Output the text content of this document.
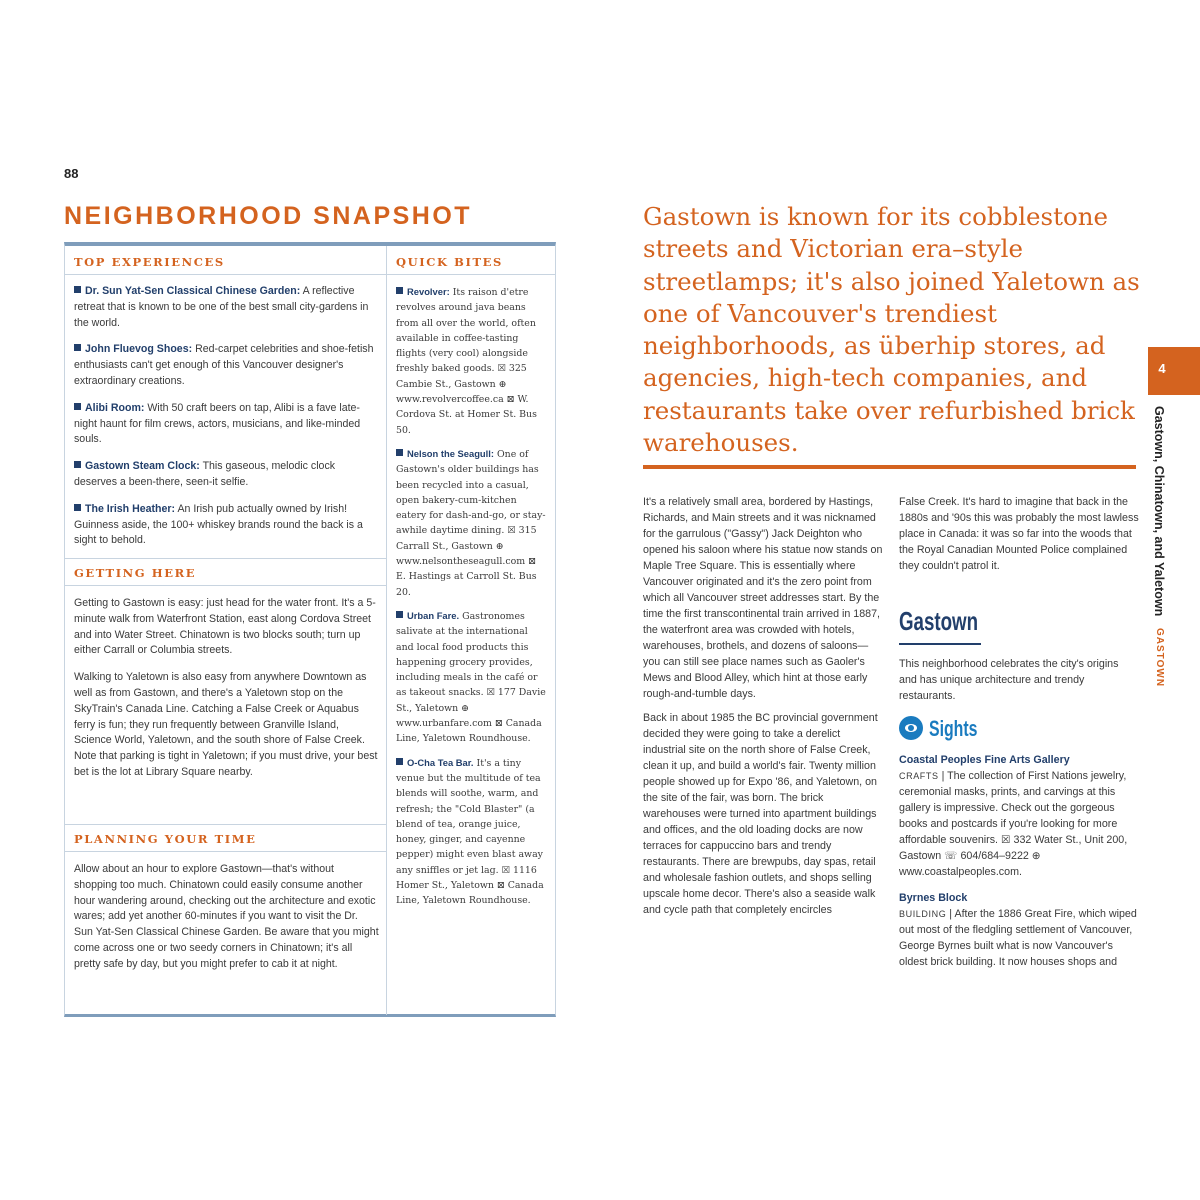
88
NEIGHBORHOOD SNAPSHOT
TOP EXPERIENCES

Dr. Sun Yat-Sen Classical Chinese Garden: A reflective retreat that is known to be one of the best small city-gardens in the world.

John Fluevog Shoes: Red-carpet celebrities and shoe-fetish enthusiasts can't get enough of this Vancouver designer's extraordinary creations.

Alibi Room: With 50 craft beers on tap, Alibi is a fave late-night haunt for film crews, actors, musicians, and like-minded souls.

Gastown Steam Clock: This gaseous, melodic clock deserves a been-there, seen-it selfie.

The Irish Heather: An Irish pub actually owned by Irish! Guinness aside, the 100+ whiskey brands round the back is a sight to behold.

GETTING HERE

Getting to Gastown is easy: just head for the water front. It's a 5-minute walk from Waterfront Station, east along Cordova Street and into Water Street. Chinatown is two blocks south; turn up either Carrall or Columbia streets.

Walking to Yaletown is also easy from anywhere Downtown as well as from Gastown, and there's a Yaletown stop on the SkyTrain's Canada Line. Catching a False Creek or Aquabus ferry is fun; they run frequently between Granville Island, Science World, Yaletown, and the south shore of False Creek. Note that parking is tight in Yaletown; if you must drive, your best bet is the lot at Library Square nearby.

PLANNING YOUR TIME

Allow about an hour to explore Gastown—that's without shopping too much. Chinatown could easily consume another hour wandering around, checking out the architecture and exotic wares; add yet another 60-minutes if you want to visit the Dr. Sun Yat-Sen Classical Chinese Garden. Be aware that you might come across one or two seedy corners in Chinatown; it's all pretty safe by day, but you might prefer to cab it at night.

QUICK BITES

Revolver: Its raison d'etre revolves around java beans from all over the world, often available in coffee-tasting flights (very cool) alongside freshly baked goods. ☒ 325 Cambie St., Gastown ⊕ www.revolvercoffee.ca ⊠ W. Cordova St. at Homer St. Bus 50.

Nelson the Seagull: One of Gastown's older buildings has been recycled into a casual, open bakery-cum-kitchen eatery for dash-and-go, or stay-awhile daytime dining. ☒ 315 Carrall St., Gastown ⊕ www.nelsontheseagull.com ⊠ E. Hastings at Carroll St. Bus 20.

Urban Fare. Gastronomes salivate at the international and local food products this happening grocery provides, including meals in the café or as takeout snacks. ☒ 177 Davie St., Yaletown ⊕ www.urbanfare.com ⊠ Canada Line, Yaletown Roundhouse.

O-Cha Tea Bar. It's a tiny venue but the multitude of tea blends will soothe, warm, and refresh; the "Cold Blaster" (a blend of tea, orange juice, honey, ginger, and cayenne pepper) might even blast away any sniffles or jet lag. ☒ 1116 Homer St., Yaletown ⊠ Canada Line, Yaletown Roundhouse.

Gastown is known for its cobblestone streets and Victorian era–style streetlamps; it's also joined Yaletown as one of Vancouver's trendiest neighborhoods, as überhip stores, ad agencies, high-tech companies, and restaurants take over refurbished brick warehouses.

It's a relatively small area, bordered by Hastings, Richards, and Main streets and it was nicknamed for the garrulous ("Gassy") Jack Deighton who opened his saloon where his statue now stands on Maple Tree Square. This is essentially where Vancouver originated and it's the zero point from which all Vancouver street addresses start. By the time the first transcontinental train arrived in 1887, the waterfront area was crowded with hotels, warehouses, brothels, and dozens of saloons—you can still see place names such as Gaoler's Mews and Blood Alley, which hint at those early rough-and-tumble days.

Back in about 1985 the BC provincial government decided they were going to take a derelict industrial site on the north shore of False Creek, clean it up, and build a world's fair. Twenty million people showed up for Expo '86, and Yaletown, on the site of the fair, was born. The brick warehouses were turned into apartment buildings and offices, and the old loading docks are now terraces for cappuccino bars and trendy restaurants. There are brewpubs, day spas, retail and wholesale fashion outlets, and shops selling upscale home decor. There's also a seaside walk and cycle path that completely encircles

False Creek. It's hard to imagine that back in the 1880s and '90s this was probably the most lawless place in Canada: it was so far into the woods that the Royal Canadian Mounted Police complained they couldn't patrol it.

Gastown

This neighborhood celebrates the city's origins and has unique architecture and trendy restaurants.

Sights

Coastal Peoples Fine Arts Gallery
CRAFTS | The collection of First Nations jewelry, ceremonial masks, prints, and carvings at this gallery is impressive. Check out the gorgeous books and postcards if you're looking for more affordable souvenirs. ☒ 332 Water St., Unit 200, Gastown ☏ 604/684–9222 ⊕ www.coastalpeoples.com.

Byrnes Block
BUILDING | After the 1886 Great Fire, which wiped out most of the fledgling settlement of Vancouver, George Byrnes built what is now Vancouver's oldest brick building. It now houses shops and

4
Gastown, Chinatown, and Yaletown GASTOWN
